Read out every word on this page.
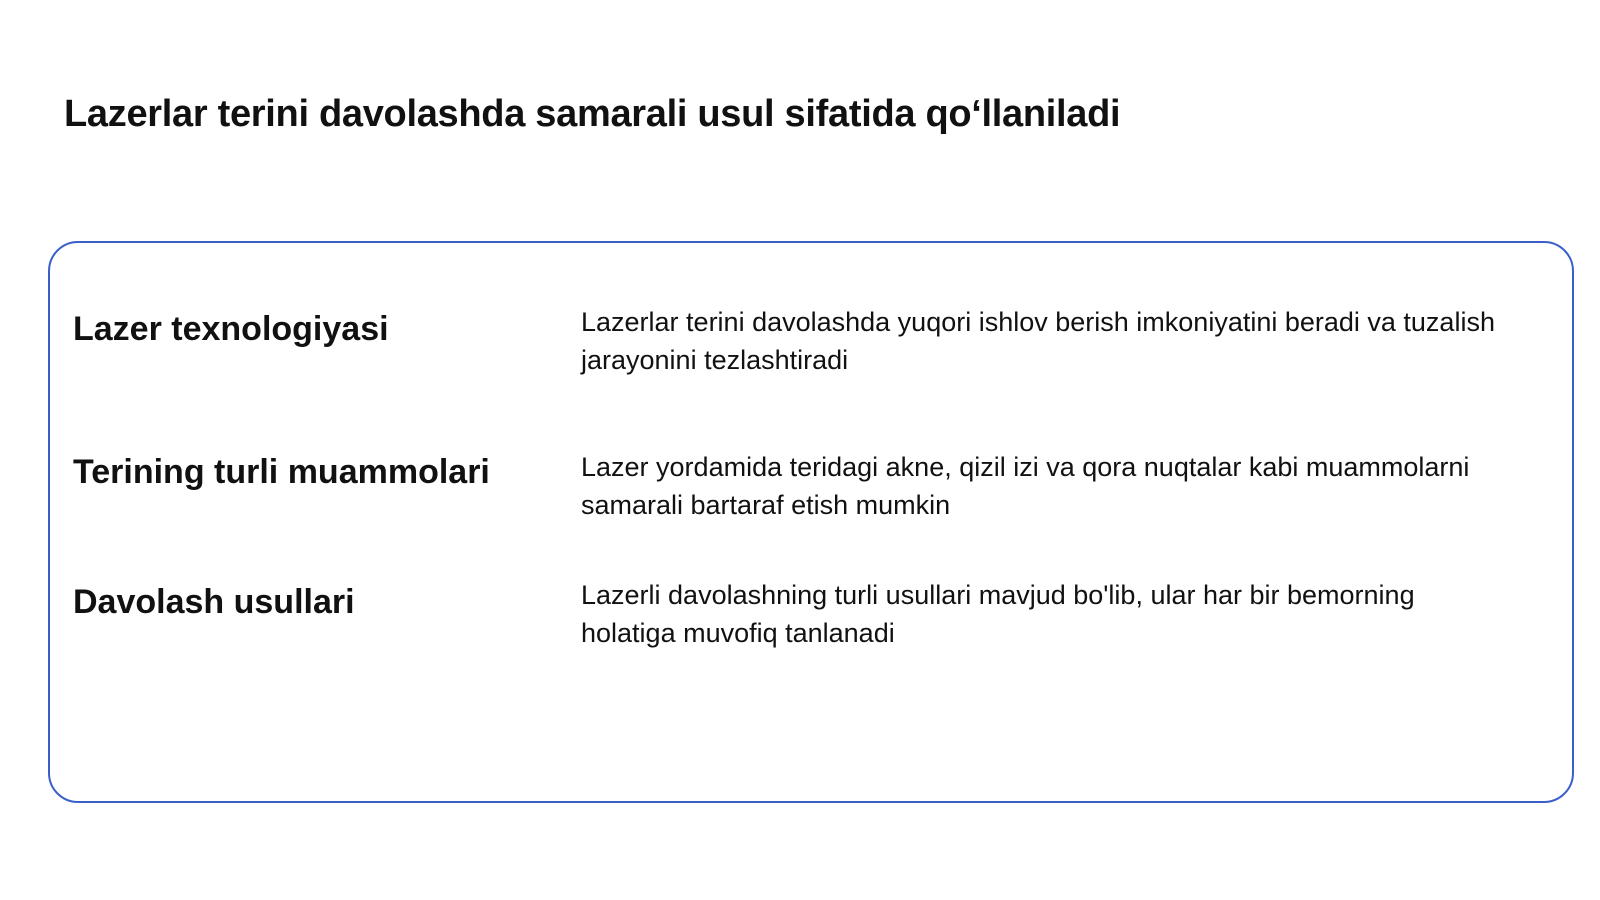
Lazerlar terini davolashda samarali usul sifatida qo‘llaniladi
Lazer texnologiyasi	Lazerlar terini davolashda yuqori ishlov berish imkoniyatini beradi va tuzalish jarayonini tezlashtiradi
Terining turli muammolari	Lazer yordamida teridagi akne, qizil izi va qora nuqtalar kabi muammolarni samarali bartaraf etish mumkin
Davolash usullari	Lazerli davolashning turli usullari mavjud bo'lib, ular har bir bemorning holatiga muvofiq tanlanadi
